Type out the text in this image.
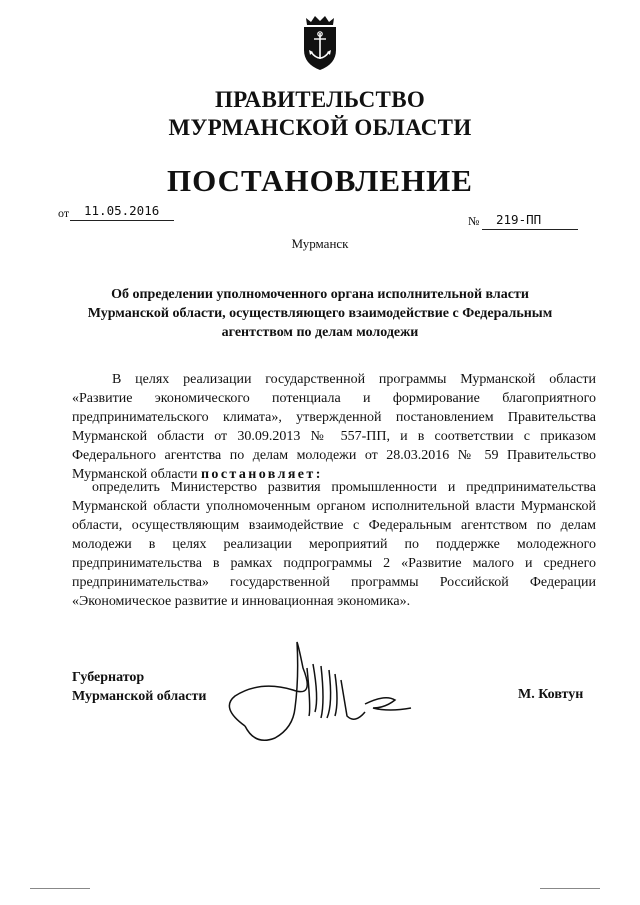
ПРАВИТЕЛЬСТВО
МУРМАНСКОЙ ОБЛАСТИ
ПОСТАНОВЛЕНИЕ
от 11.05.2016
№ 219-ПП
Мурманск
Об определении уполномоченного органа исполнительной власти
Мурманской области, осуществляющего взаимодействие с Федеральным
агентством по делам молодежи
В целях реализации государственной программы Мурманской области «Развитие экономического потенциала и формирование благоприятного предпринимательского климата», утвержденной постановлением Правительства Мурманской области от 30.09.2013 № 557-ПП, и в соответствии с приказом Федерального агентства по делам молодежи от 28.03.2016 № 59 Правительство Мурманской области постановляет:
определить Министерство развития промышленности и предпринимательства Мурманской области уполномоченным органом исполнительной власти Мурманской области, осуществляющим взаимодействие с Федеральным агентством по делам молодежи в целях реализации мероприятий по поддержке молодежного предпринимательства в рамках подпрограммы 2 «Развитие малого и среднего предпринимательства» государственной программы Российской Федерации «Экономическое развитие и инновационная экономика».
Губернатор
Мурманской области	М. Ковтун
